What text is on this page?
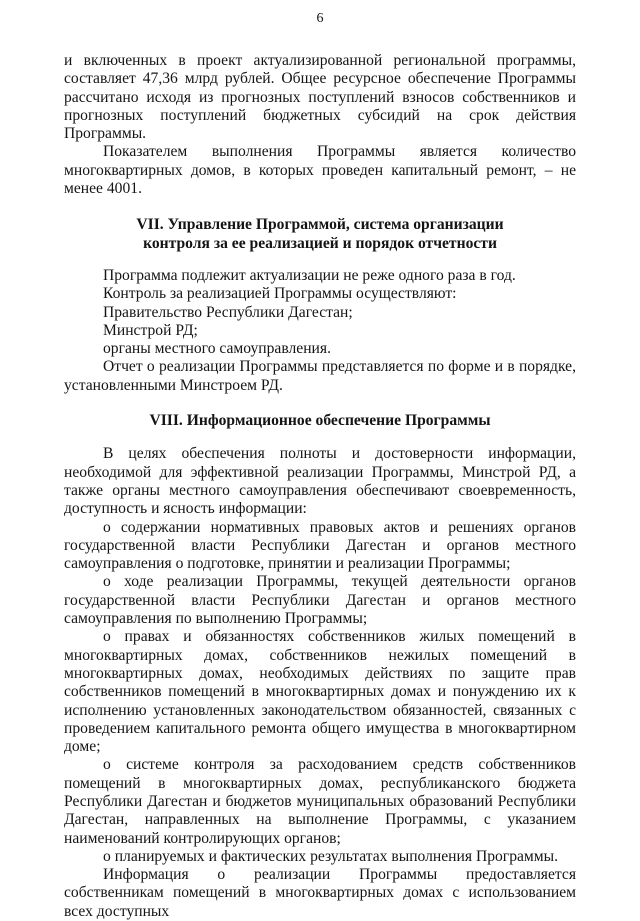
6

и включенных в проект актуализированной региональной программы, составляет 47,36 млрд рублей. Общее ресурсное обеспечение Программы рассчитано исходя из прогнозных поступлений взносов собственников и прогнозных поступлений бюджетных субсидий на срок действия Программы.

Показателем выполнения Программы является количество многоквартирных домов, в которых проведен капитальный ремонт, – не менее 4001.

VII. Управление Программой, система организации
контроля за ее реализацией и порядок отчетности

Программа подлежит актуализации не реже одного раза в год.

Контроль за реализацией Программы осуществляют:

Правительство Республики Дагестан;

Минстрой РД;

органы местного самоуправления.

Отчет о реализации Программы представляется по форме и в порядке, установленными Минстроем РД.

VIII. Информационное обеспечение Программы

В целях обеспечения полноты и достоверности информации, необходимой для эффективной реализации Программы, Минстрой РД, а также органы местного самоуправления обеспечивают своевременность, доступность и ясность информации:

о содержании нормативных правовых актов и решениях органов государственной власти Республики Дагестан и органов местного самоуправления о подготовке, принятии и реализации Программы;

о ходе реализации Программы, текущей деятельности органов государственной власти Республики Дагестан и органов местного самоуправления по выполнению Программы;

о правах и обязанностях собственников жилых помещений в многоквартирных домах, собственников нежилых помещений в многоквартирных домах, необходимых действиях по защите прав собственников помещений в многоквартирных домах и понуждению их к исполнению установленных законодательством обязанностей, связанных с проведением капитального ремонта общего имущества в многоквартирном доме;

о системе контроля за расходованием средств собственников помещений в многоквартирных домах, республиканского бюджета Республики Дагестан и бюджетов муниципальных образований Республики Дагестан, направленных на выполнение Программы, с указанием наименований контролирующих органов;

о планируемых и фактических результатах выполнения Программы.

Информация о реализации Программы предоставляется собственникам помещений в многоквартирных домах с использованием всех доступных
